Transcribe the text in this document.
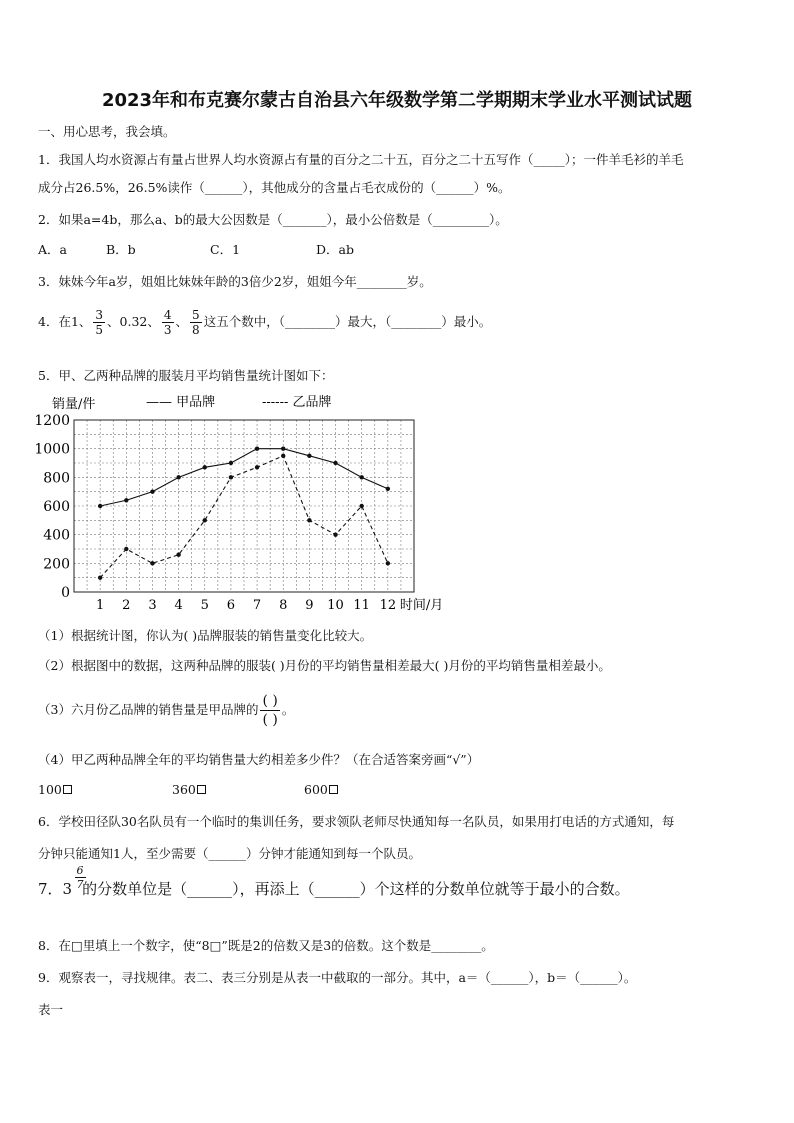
2023年和布克赛尔蒙古自治县六年级数学第二学期期末学业水平测试试题
一、用心思考，我会填。
1．我国人均水资源占有量占世界人均水资源占有量的百分之二十五，百分之二十五写作（_____）；一件羊毛衫的羊毛
成分占26.5%，26.5%读作（______），其他成分的含量占毛衣成份的（______）%。
2．如果a=4b，那么a、b的最大公因数是（_______），最小公倍数是（_________）。
A．a	B．b	C．1	D．ab
3．妹妹今年a岁，姐姐比妹妹年龄的3倍少2岁，姐姐今年________岁。
4．在1、 $\frac{3}{5}$ 、0.32、 $\frac{4}{3}$ 、 $\frac{5}{8}$ 这五个数中，（________）最大，（________）最小。
5．甲、乙两种品牌的服装月平均销售量统计图如下：
0
200
400
600
800
1000
1200
1 2 3 4 5 6 7 8 9 10 11 12
销量/件
时间/月
—— 甲品牌	------ 乙品牌
（1）根据统计图，你认为( )品牌服装的销售量变化比较大。
（2）根据图中的数据，这两种品牌的服装( )月份的平均销售量相差最大( )月份的平均销售量相差最小。
（3）六月份乙品牌的销售量是甲品牌的 $\frac{( )}{( )}$ 。
（4）甲乙两种品牌全年的平均销售量大约相差多少件？（在合适答案旁画“√”）
100	360	600
6．学校田径队30名队员有一个临时的集训任务，要求领队老师尽快通知每一名队员，如果用打电话的方式通知，每
分钟只能通知1人，至少需要（______）分钟才能通知到每一个队员。
7．$3 \frac{6}{7}$
的分数单位是（______），再添上（______）个这样的分数单位就等于最小的合数。
8．在□里填上一个数字，使“8□”既是2的倍数又是3的倍数。这个数是________。
9．观察表一，寻找规律。表二、表三分别是从表一中截取的一部分。其中，a＝（______），b＝（______）。
表一
